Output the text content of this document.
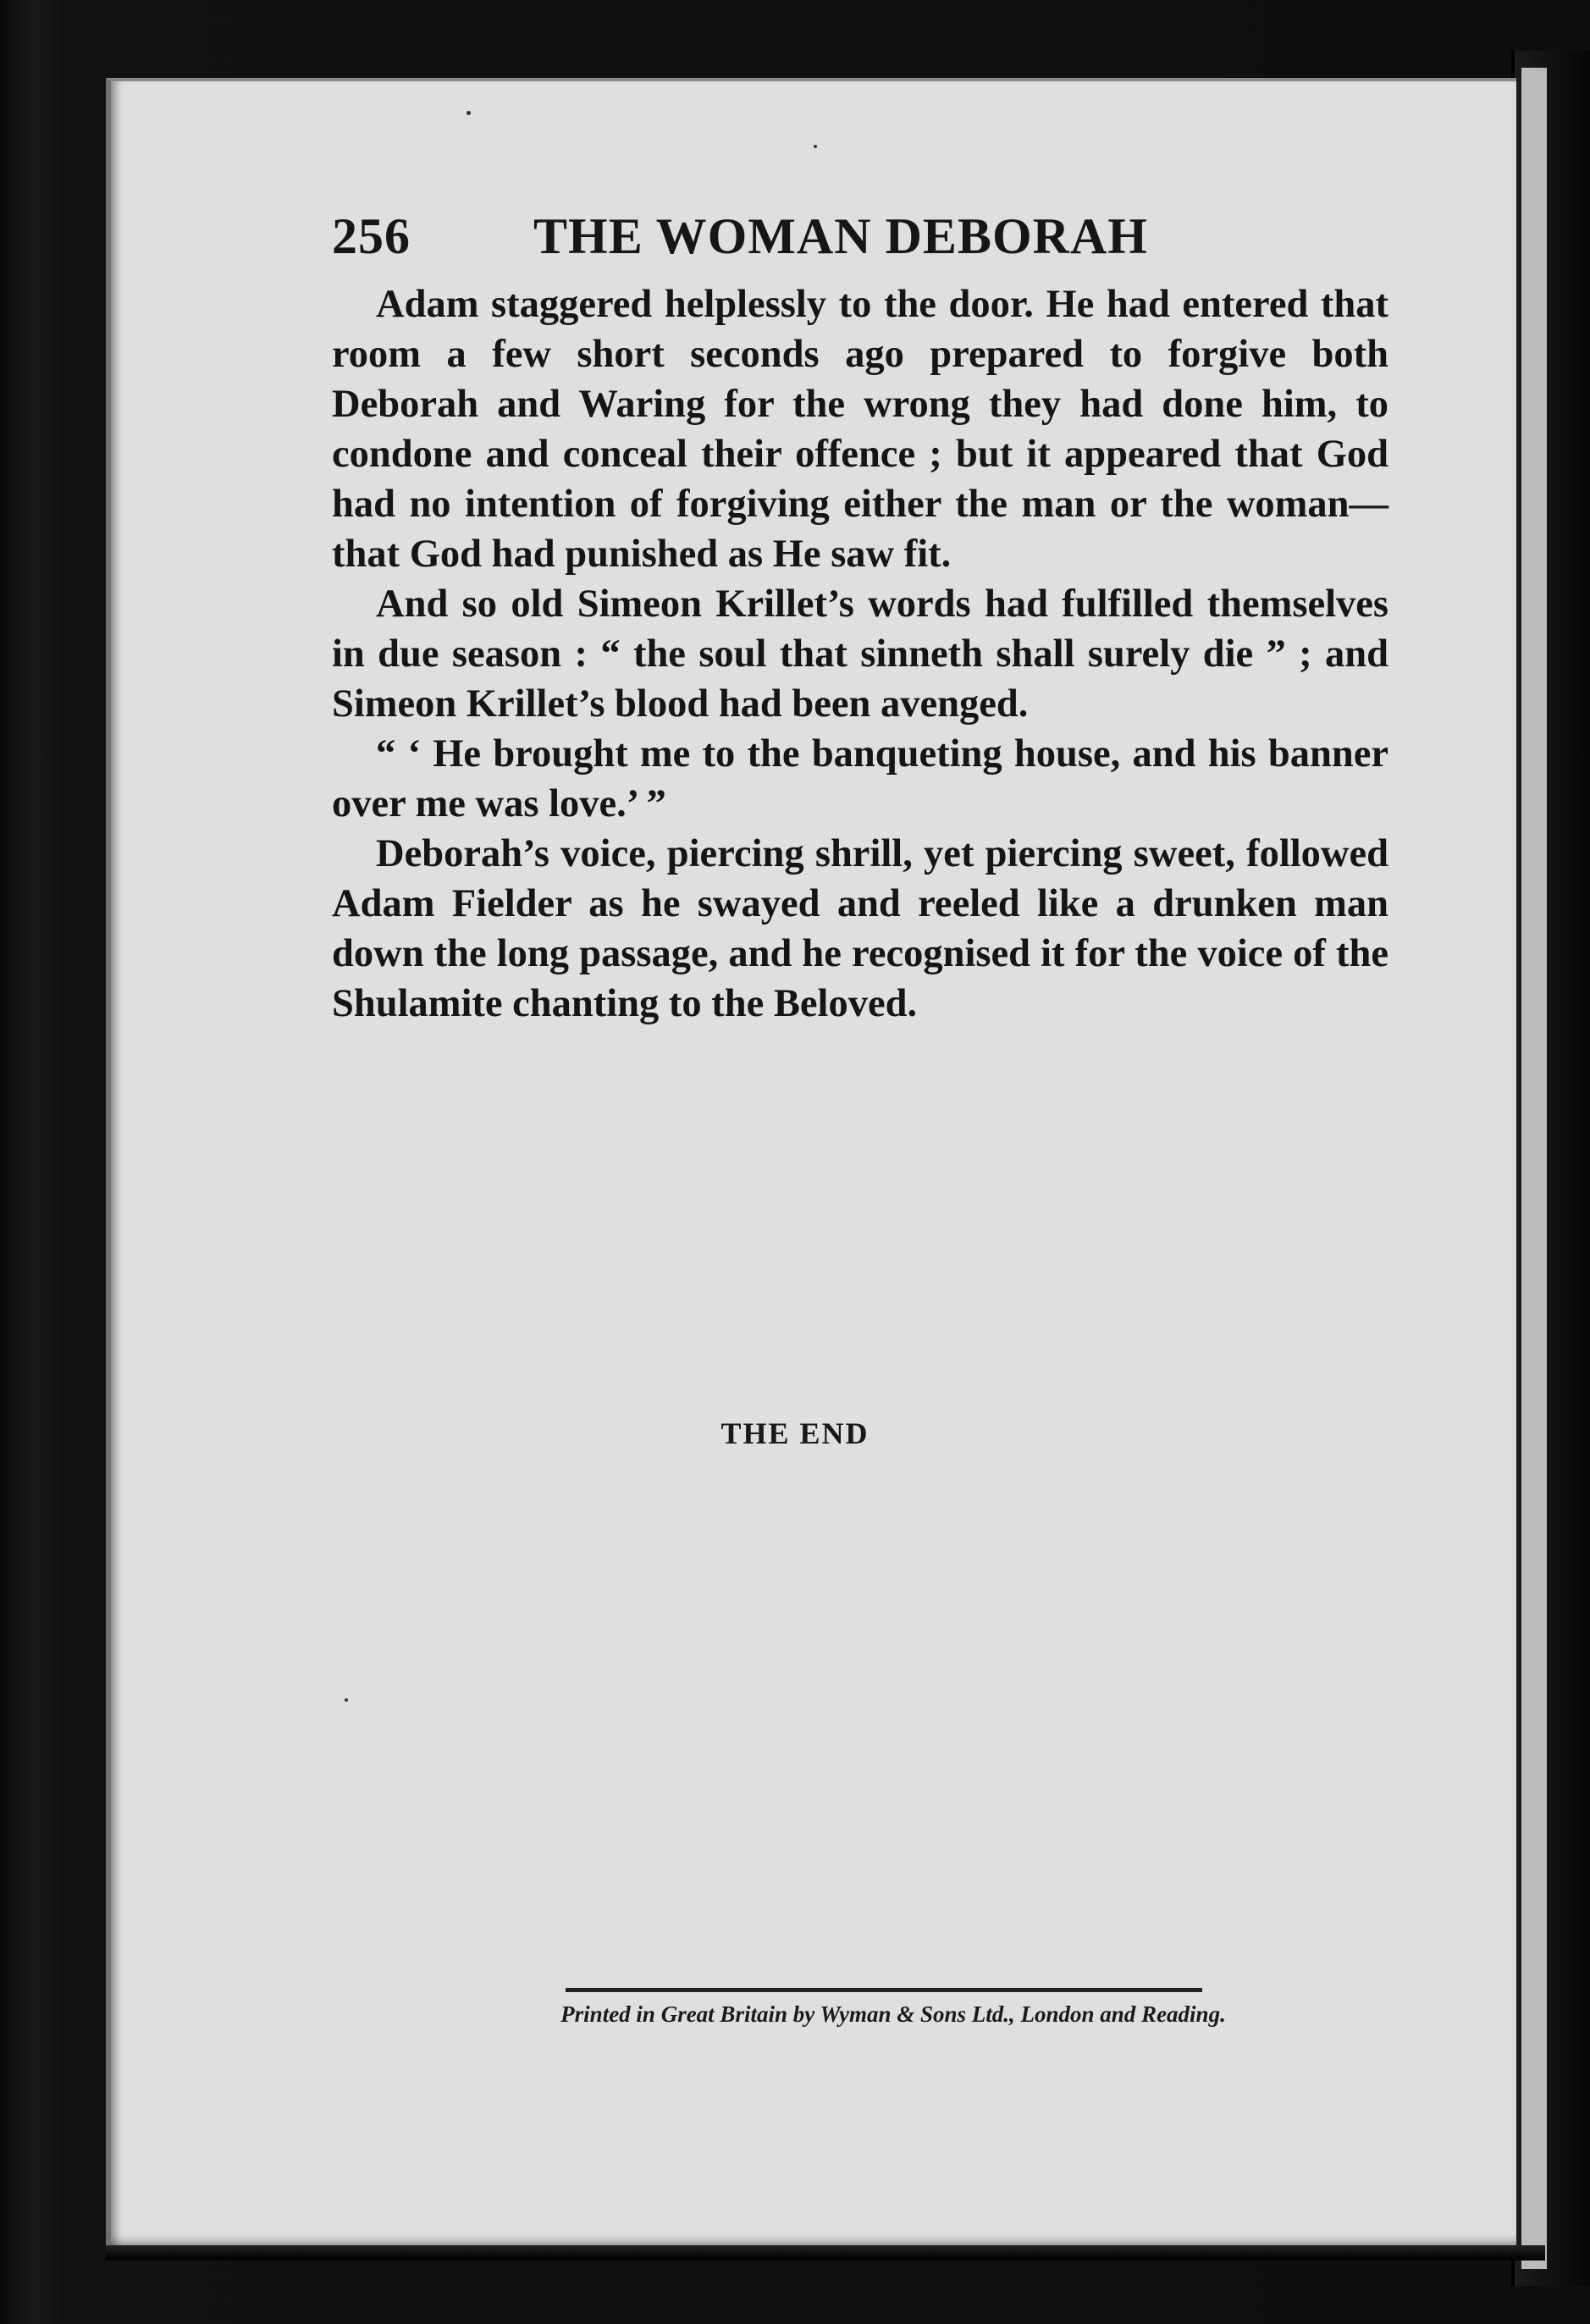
256 THE WOMAN DEBORAH

Adam staggered helplessly to the door. He had entered that room a few short seconds ago prepared to forgive both Deborah and Waring for the wrong they had done him, to condone and conceal their offence ; but it appeared that God had no intention of forgiving either the man or the woman—that God had punished as He saw fit.

And so old Simeon Krillet’s words had fulfilled themselves in due season : “ the soul that sinneth shall surely die ” ; and Simeon Krillet’s blood had been avenged.

“ ‘ He brought me to the banqueting house, and his banner over me was love.’ ”

Deborah’s voice, piercing shrill, yet piercing sweet, followed Adam Fielder as he swayed and reeled like a drunken man down the long passage, and he recognised it for the voice of the Shulamite chanting to the Beloved.

THE END
Printed in Great Britain by Wyman & Sons Ltd., London and Reading.
